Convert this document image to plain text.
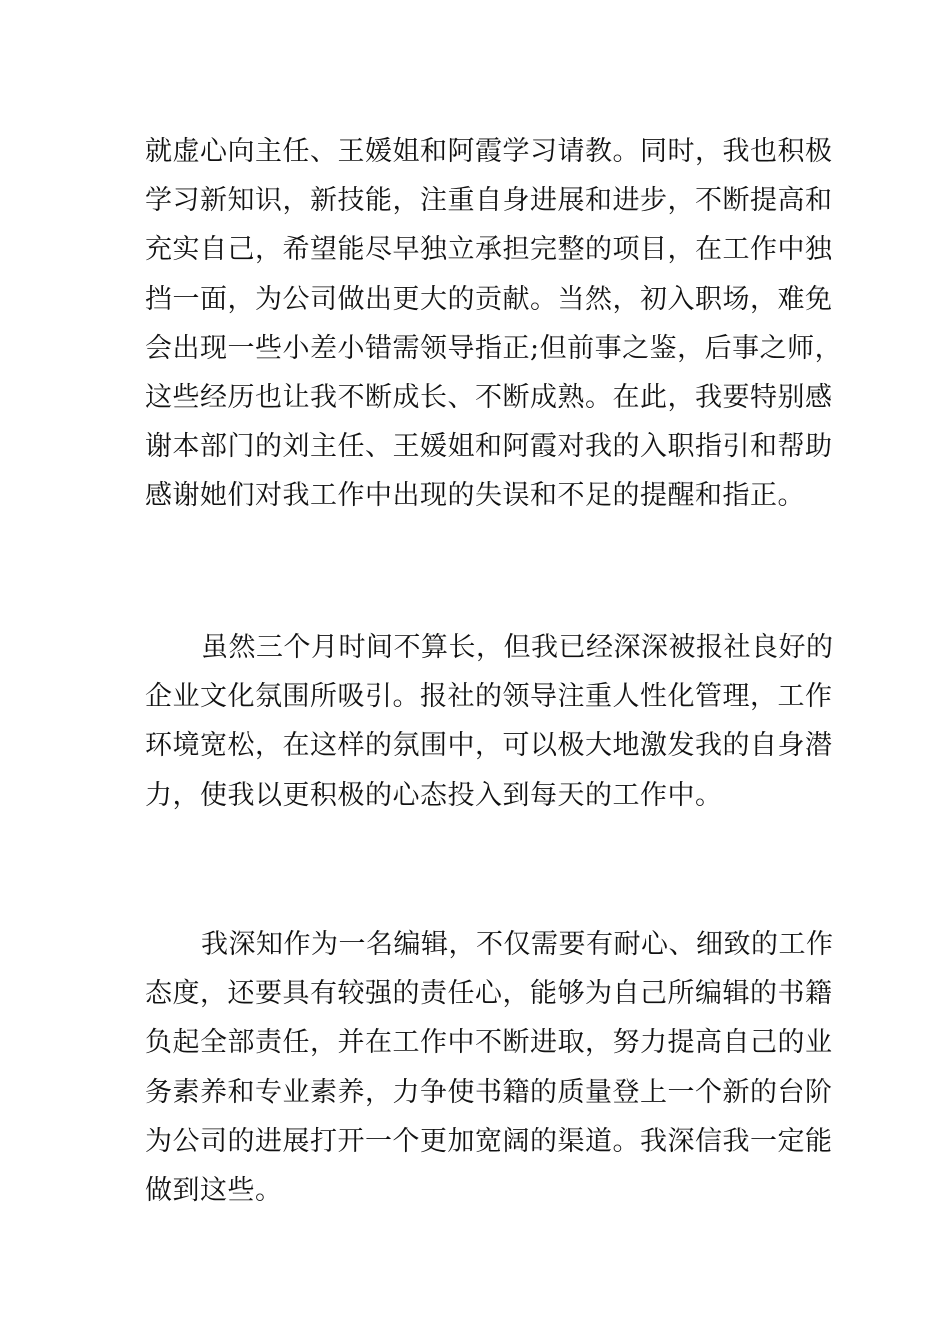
就虚心向主任、王媛姐和阿霞学习请教。同时，我也积极
学习新知识，新技能，注重自身进展和进步，不断提高和
充实自己，希望能尽早独立承担完整的项目，在工作中独
挡一面，为公司做出更大的贡献。当然，初入职场，难免
会出现一些小差小错需领导指正;但前事之鉴，后事之师，
这些经历也让我不断成长、不断成熟。在此，我要特别感
谢本部门的刘主任、王媛姐和阿霞对我的入职指引和帮助
感谢她们对我工作中出现的失误和不足的提醒和指正。

虽然三个月时间不算长，但我已经深深被报社良好的
企业文化氛围所吸引。报社的领导注重人性化管理，工作
环境宽松，在这样的氛围中，可以极大地激发我的自身潜
力，使我以更积极的心态投入到每天的工作中。

我深知作为一名编辑，不仅需要有耐心、细致的工作
态度，还要具有较强的责任心，能够为自己所编辑的书籍
负起全部责任，并在工作中不断进取，努力提高自己的业
务素养和专业素养，力争使书籍的质量登上一个新的台阶
为公司的进展打开一个更加宽阔的渠道。我深信我一定能
做到这些。
